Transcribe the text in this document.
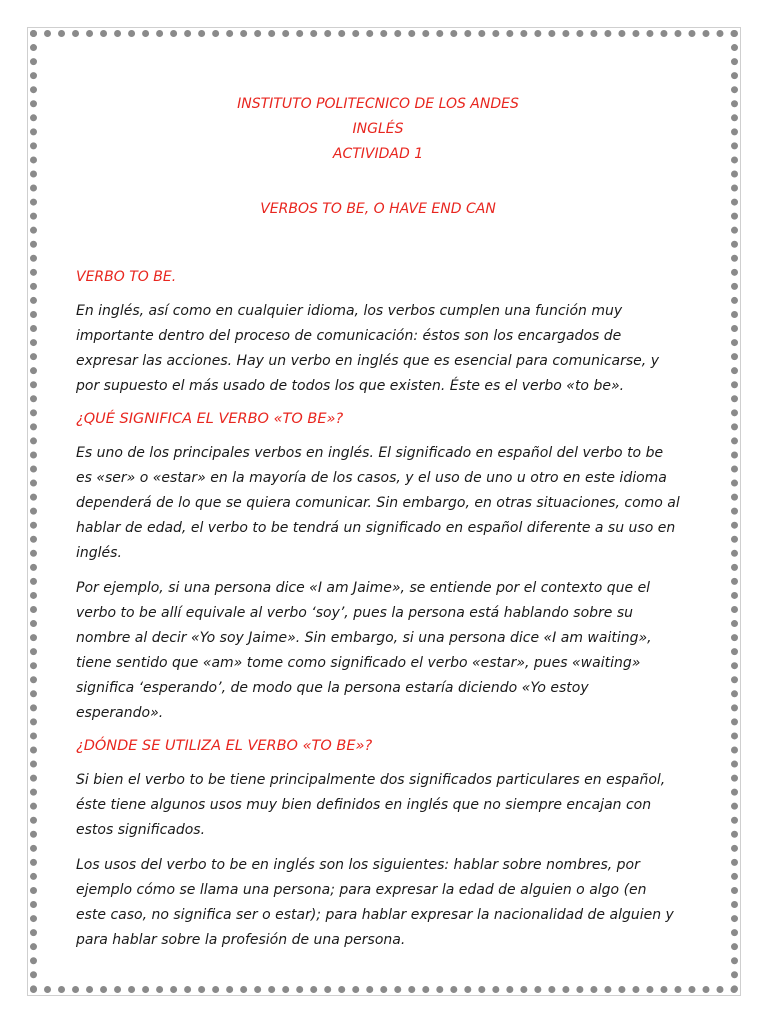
INSTITUTO POLITECNICO DE LOS ANDES
INGLÉS
ACTIVIDAD 1
VERBOS TO BE, O HAVE END CAN
VERBO TO BE.
En inglés, así como en cualquier idioma, los verbos cumplen una función muy importante dentro del proceso de comunicación: éstos son los encargados de expresar las acciones. Hay un verbo en inglés que es esencial para comunicarse, y por supuesto el más usado de todos los que existen. Éste es el verbo «to be».
¿QUÉ SIGNIFICA EL VERBO «TO BE»?
Es uno de los principales verbos en inglés. El significado en español del verbo to be es «ser» o «estar» en la mayoría de los casos, y el uso de uno u otro en este idioma dependerá de lo que se quiera comunicar. Sin embargo, en otras situaciones, como al hablar de edad, el verbo to be tendrá un significado en español diferente a su uso en inglés.
Por ejemplo, si una persona dice «I am Jaime», se entiende por el contexto que el verbo to be allí equivale al verbo ‘soy’, pues la persona está hablando sobre su nombre al decir «Yo soy Jaime». Sin embargo, si una persona dice «I am waiting», tiene sentido que «am» tome como significado el verbo «estar», pues «waiting» significa ‘esperando’, de modo que la persona estaría diciendo «Yo estoy esperando».
¿DÓNDE SE UTILIZA EL VERBO «TO BE»?
Si bien el verbo to be tiene principalmente dos significados particulares en español, éste tiene algunos usos muy bien definidos en inglés que no siempre encajan con estos significados.
Los usos del verbo to be en inglés son los siguientes: hablar sobre nombres, por ejemplo cómo se llama una persona; para expresar la edad de alguien o algo (en este caso, no significa ser o estar); para hablar expresar la nacionalidad de alguien y para hablar sobre la profesión de una persona.
